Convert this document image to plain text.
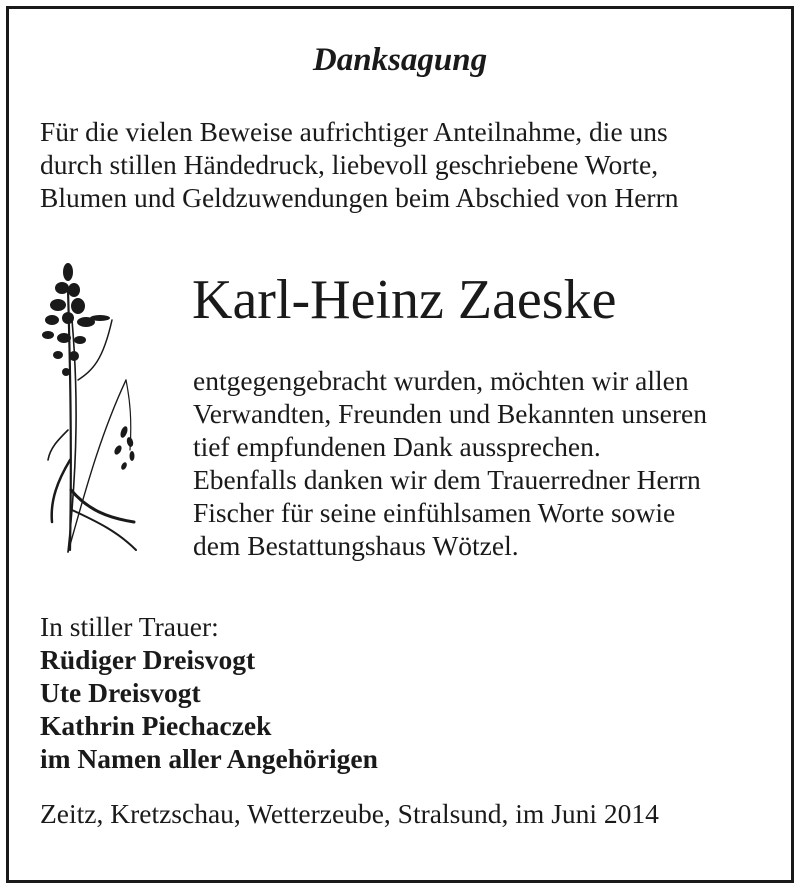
Danksagung
Für die vielen Beweise aufrichtiger Anteilnahme, die uns
durch stillen Händedruck, liebevoll geschriebene Worte,
Blumen und Geldzuwendungen beim Abschied von Herrn
Karl-Heinz Zaeske
entgegengebracht wurden, möchten wir allen
Verwandten, Freunden und Bekannten unseren
tief empfundenen Dank aussprechen.
Ebenfalls danken wir dem Trauerredner Herrn
Fischer für seine einfühlsamen Worte sowie
dem Bestattungshaus Wötzel.
In stiller Trauer:
Rüdiger Dreisvogt
Ute Dreisvogt
Kathrin Piechaczek
im Namen aller Angehörigen
Zeitz, Kretzschau, Wetterzeube, Stralsund, im Juni 2014
